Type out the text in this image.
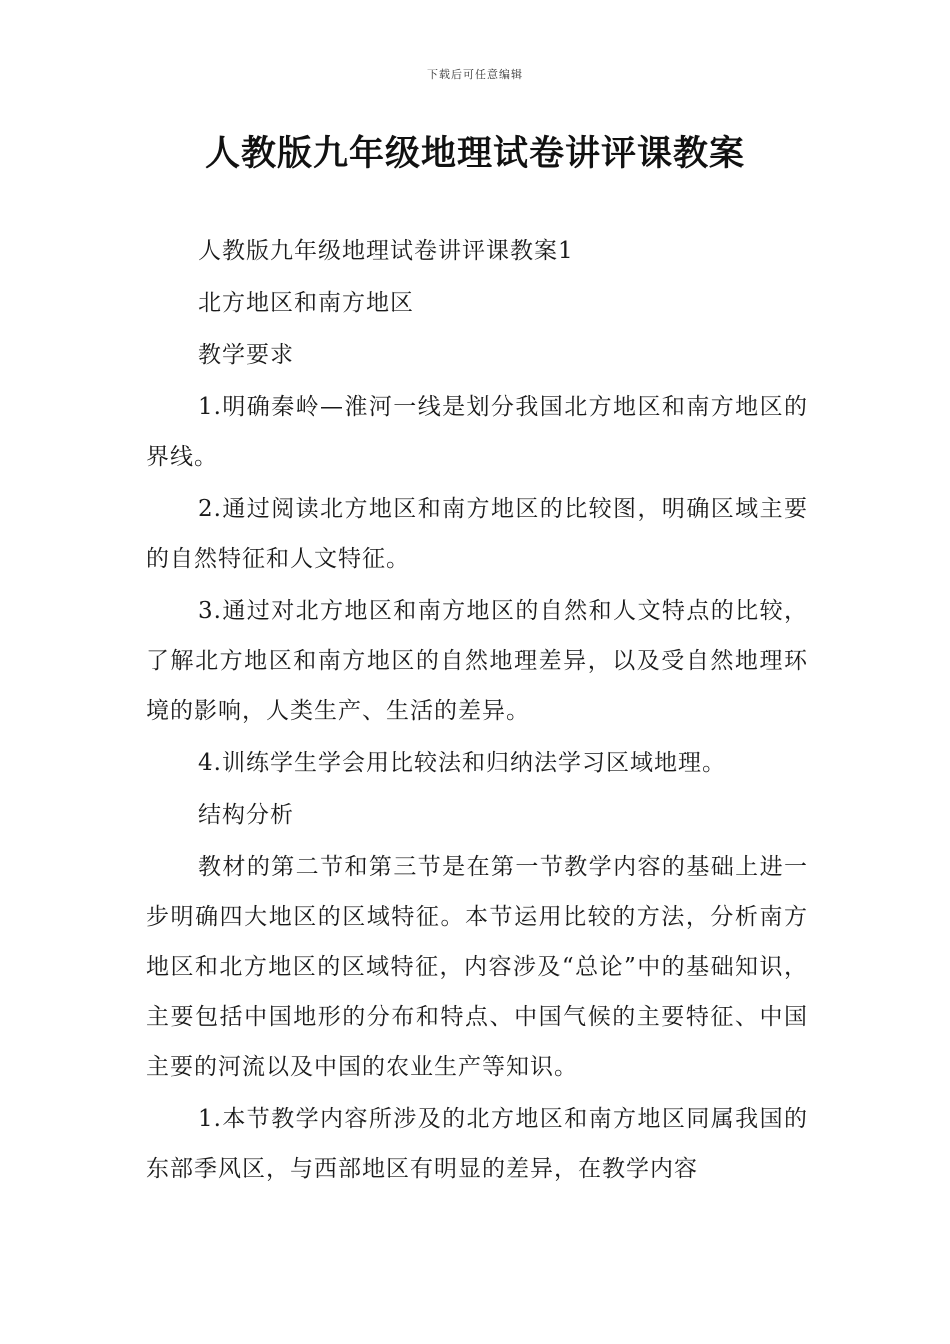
下载后可任意编辑
人教版九年级地理试卷讲评课教案

人教版九年级地理试卷讲评课教案1

北方地区和南方地区

教学要求

1.明确秦岭—淮河一线是划分我国北方地区和南方地区的界线。

2.通过阅读北方地区和南方地区的比较图，明确区域主要的自然特征和人文特征。

3.通过对北方地区和南方地区的自然和人文特点的比较，了解北方地区和南方地区的自然地理差异，以及受自然地理环境的影响，人类生产、生活的差异。

4.训练学生学会用比较法和归纳法学习区域地理。

结构分析

教材的第二节和第三节是在第一节教学内容的基础上进一步明确四大地区的区域特征。本节运用比较的方法，分析南方地区和北方地区的区域特征，内容涉及“总论”中的基础知识，主要包括中国地形的分布和特点、中国气候的主要特征、中国主要的河流以及中国的农业生产等知识。

1.本节教学内容所涉及的北方地区和南方地区同属我国的东部季风区，与西部地区有明显的差异，在教学内容
